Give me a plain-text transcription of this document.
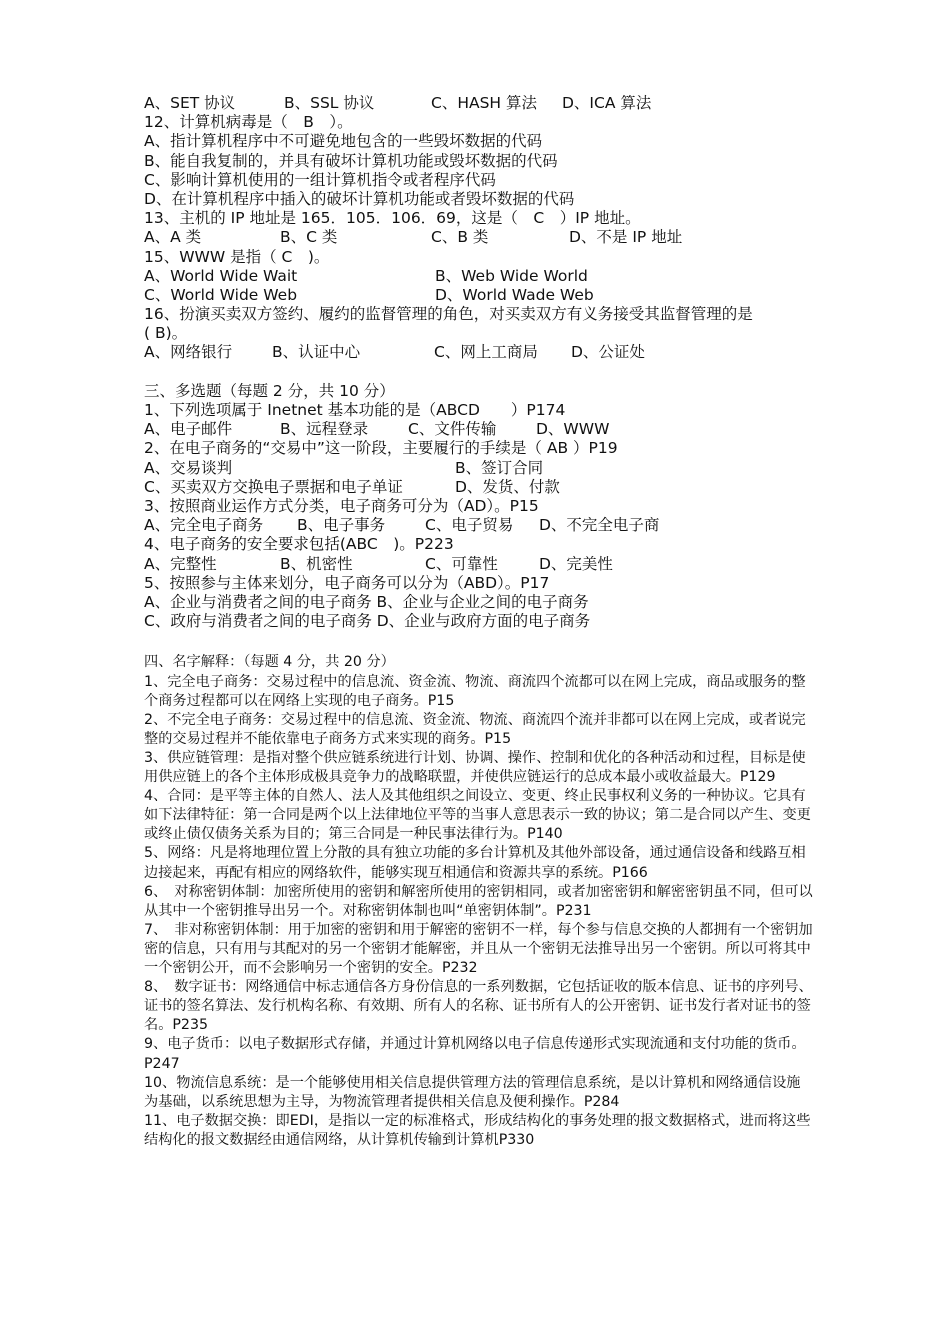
A、SET 协议	B、SSL 协议	C、HASH 算法 D、ICA 算法
12、计算机病毒是（　B　）。
A、指计算机程序中不可避免地包含的一些毁坏数据的代码
B、能自我复制的，并具有破坏计算机功能或毁坏数据的代码
C、影响计算机使用的一组计算机指令或者程序代码
D、在计算机程序中插入的破坏计算机功能或者毁坏数据的代码
13、主机的 IP 地址是 165．105．106．69，这是（　C　）IP 地址。
A、A 类	B、C 类	C、B 类	D、不是 IP 地址
15、WWW 是指（ C　)。
A、World Wide Wait	B、Web Wide World
C、World Wide Web	D、World Wade Web
16、扮演买卖双方签约、履约的监督管理的角色，对买卖双方有义务接受其监督管理的是
( B)。
A、网络银行	B、认证中心	C、网上工商局 D、公证处
三、多选题（每题 2 分，共 10 分）
1、下列选项属于 Inetnet 基本功能的是（ABCD　　）P174
A、电子邮件	B、远程登录	C、文件传输	D、WWW
2、在电子商务的“交易中”这一阶段，主要履行的手续是（ AB ）P19
A、交易谈判	B、签订合同
C、买卖双方交换电子票据和电子单证	D、发货、付款
3、按照商业运作方式分类，电子商务可分为（AD）。P15
A、完全电子商务 B、电子事务	C、电子贸易 D、不完全电子商
4、电子商务的安全要求包括(ABC　)。P223
A、完整性	B、机密性	C、可靠性	D、完美性
5、按照参与主体来划分，电子商务可以分为（ABD）。P17
A、企业与消费者之间的电子商务 B、企业与企业之间的电子商务
C、政府与消费者之间的电子商务 D、企业与政府方面的电子商务
四、名字解释：（每题 4 分，共 20 分）
1、完全电子商务：交易过程中的信息流、资金流、物流、商流四个流都可以在网上完成，商品或服务的整个商务过程都可以在网络上实现的电子商务。P15
2、不完全电子商务：交易过程中的信息流、资金流、物流、商流四个流并非都可以在网上完成，或者说完整的交易过程并不能依靠电子商务方式来实现的商务。P15
3、供应链管理：是指对整个供应链系统进行计划、协调、操作、控制和优化的各种活动和过程，目标是使用供应链上的各个主体形成极具竞争力的战略联盟，并使供应链运行的总成本最小或收益最大。P129
4、合同：是平等主体的自然人、法人及其他组织之间设立、变更、终止民事权利义务的一种协议。它具有如下法律特征：第一合同是两个以上法律地位平等的当事人意思表示一致的协议；第二是合同以产生、变更或终止债仅债务关系为目的；第三合同是一种民事法律行为。P140
5、网络：凡是将地理位置上分散的具有独立功能的多台计算机及其他外部设备，通过通信设备和线路互相边接起来，再配有相应的网络软件，能够实现互相通信和资源共享的系统。P166
6、　对称密钥体制：加密所使用的密钥和解密所使用的密钥相同，或者加密密钥和解密密钥虽不同，但可以从其中一个密钥推导出另一个。对称密钥体制也叫“单密钥体制”。P231
7、　非对称密钥体制：用于加密的密钥和用于解密的密钥不一样，每个参与信息交换的人都拥有一个密钥加密的信息，只有用与其配对的另一个密钥才能解密，并且从一个密钥无法推导出另一个密钥。所以可将其中一个密钥公开，而不会影响另一个密钥的安全。P232
8、　数字证书：网络通信中标志通信各方身份信息的一系列数据，它包括证收的版本信息、证书的序列号、证书的签名算法、发行机构名称、有效期、所有人的名称、证书所有人的公开密钥、证书发行者对证书的签名。P235
9、电子货币：以电子数据形式存储，并通过计算机网络以电子信息传递形式实现流通和支付功能的货币。P247
10、物流信息系统：是一个能够使用相关信息提供管理方法的管理信息系统，是以计算机和网络通信设施为基础，以系统思想为主导，为物流管理者提供相关信息及便利操作。P284
11、电子数据交换：即EDI，是指以一定的标准格式，形成结构化的事务处理的报文数据格式，进而将这些结构化的报文数据经由通信网络，从计算机传输到计算机P330
